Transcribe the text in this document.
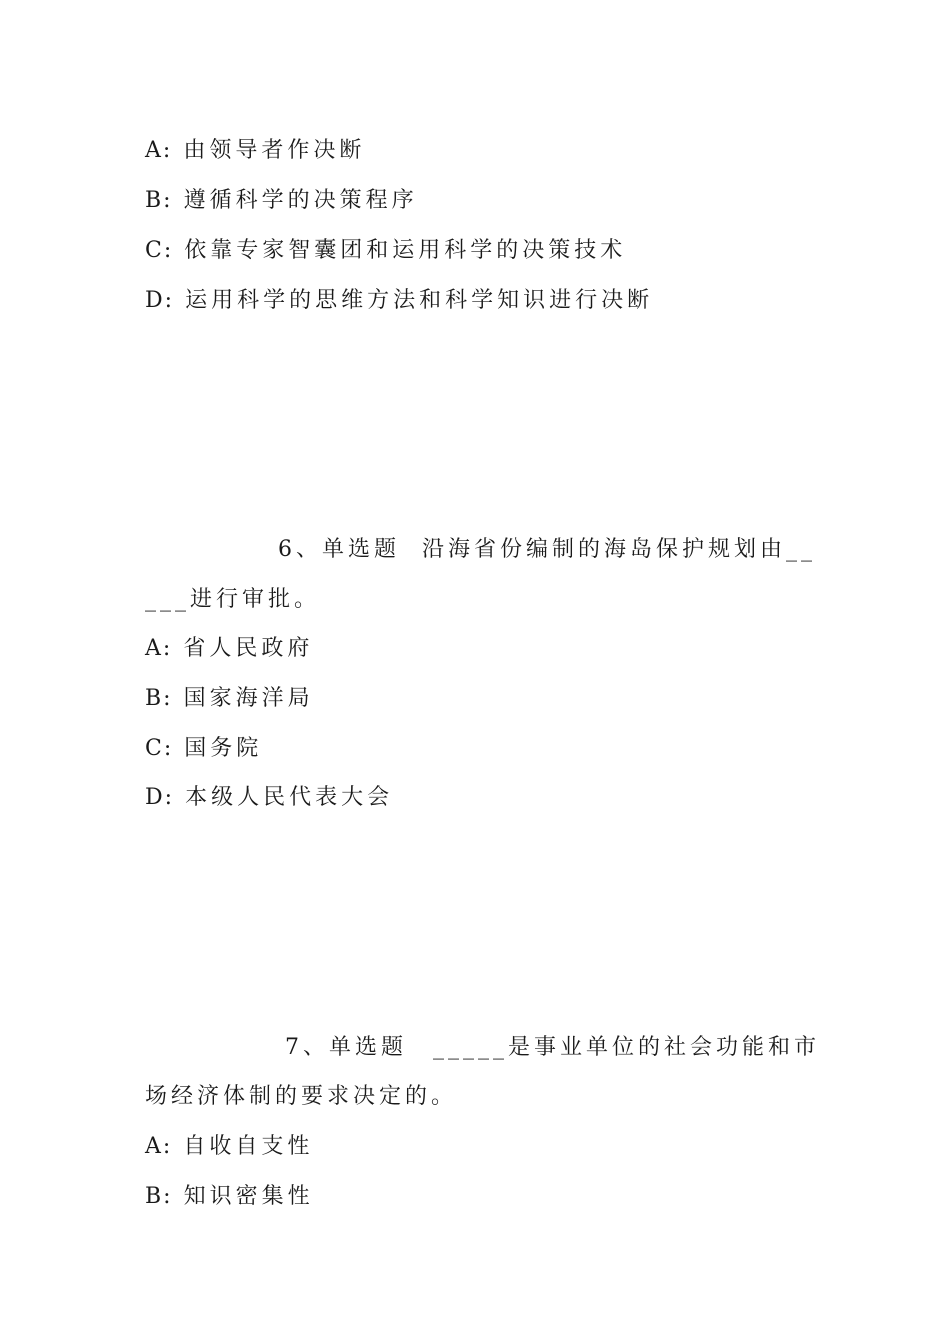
A: 由领导者作决断
B: 遵循科学的决策程序
C: 依靠专家智囊团和运用科学的决策技术
D: 运用科学的思维方法和科学知识进行决断
6、单选题 沿海省份编制的海岛保护规划由__
___进行审批。
A: 省人民政府
B: 国家海洋局
C: 国务院
D: 本级人民代表大会
7、单选题 _____是事业单位的社会功能和市
场经济体制的要求决定的。
A: 自收自支性
B: 知识密集性
